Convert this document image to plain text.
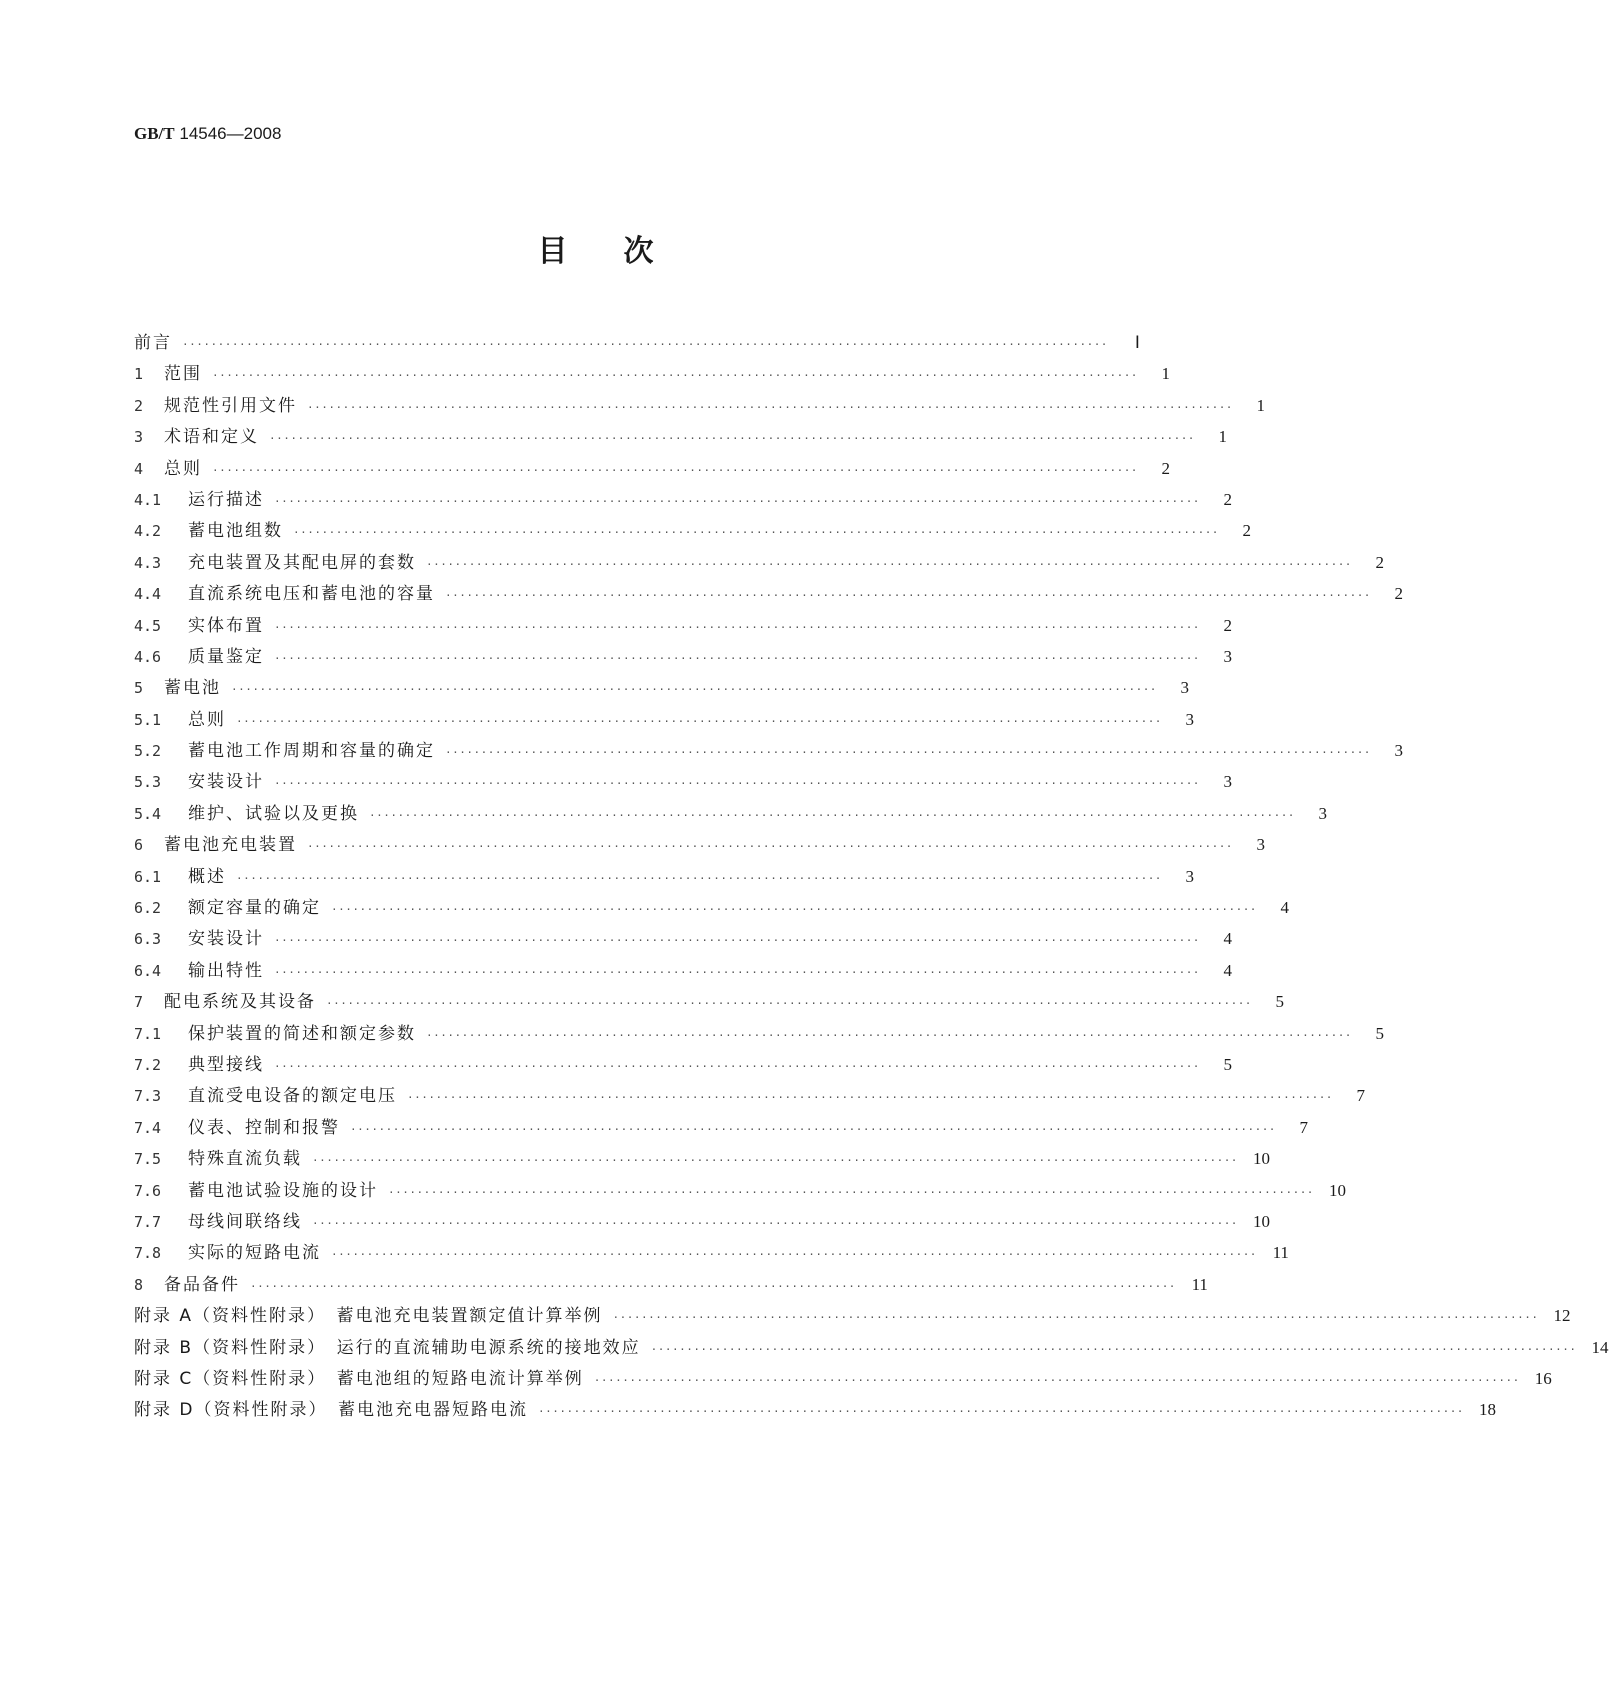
GB/T 14546—2008
目次
前言 ··································································································································	Ⅰ
1 范围 ··································································································································	1
2 规范性引用文件 ··································································································································	1
3 术语和定义 ··································································································································	1
4 总则 ··································································································································	2
4.1	运行描述 ··································································································································	2
4.2	蓄电池组数 ··································································································································	2
4.3	充电装置及其配电屏的套数 ··································································································································	2
4.4	直流系统电压和蓄电池的容量 ··································································································································	2
4.5	实体布置 ··································································································································	2
4.6	质量鉴定 ··································································································································	3
5 蓄电池 ··································································································································	3
5.1	总则 ··································································································································	3
5.2	蓄电池工作周期和容量的确定 ··································································································································	3
5.3	安装设计 ··································································································································	3
5.4	维护、试验以及更换 ··································································································································	3
6 蓄电池充电装置 ··································································································································	3
6.1	概述 ··································································································································	3
6.2	额定容量的确定 ··································································································································	4
6.3	安装设计 ··································································································································	4
6.4	输出特性 ··································································································································	4
7 配电系统及其设备 ··································································································································	5
7.1	保护装置的简述和额定参数 ··································································································································	5
7.2	典型接线 ··································································································································	5
7.3	直流受电设备的额定电压 ··································································································································	7
7.4	仪表、控制和报警 ··································································································································	7
7.5	特殊直流负载 ·································································································································· 10
7.6	蓄电池试验设施的设计 ·································································································································· 10
7.7	母线间联络线 ·································································································································· 10
7.8	实际的短路电流 ·································································································································· 11
8 备品备件 ·································································································································· 11
附录 A（资料性附录）　蓄电池充电装置额定值计算举例 ·································································································································· 12
附录 B（资料性附录）　运行的直流辅助电源系统的接地效应 ·································································································································· 14
附录 C（资料性附录）　蓄电池组的短路电流计算举例 ·································································································································· 16
附录 D（资料性附录）　蓄电池充电器短路电流 ·································································································································· 18
